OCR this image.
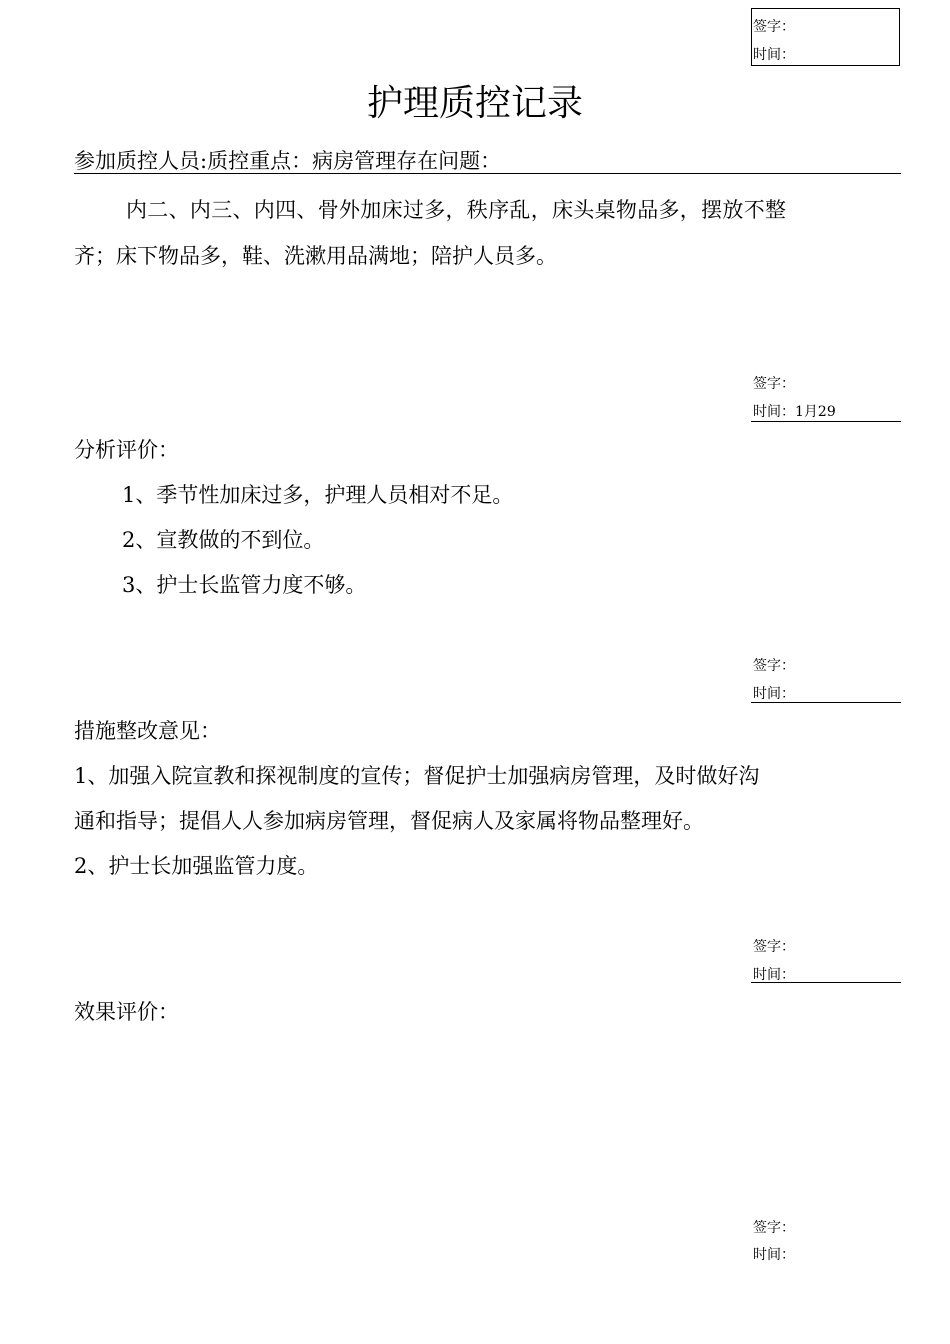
签字：
时间：
护理质控记录
参加质控人员:质控重点：病房管理存在问题：
内二、内三、内四、骨外加床过多，秩序乱，床头桌物品多，摆放不整
齐；床下物品多，鞋、洗漱用品满地；陪护人员多。
签字：
时间：1月29
分析评价：
1、季节性加床过多，护理人员相对不足。
2、宣教做的不到位。
3、护士长监管力度不够。
签字：
时间：
措施整改意见：
1、加强入院宣教和探视制度的宣传；督促护士加强病房管理，及时做好沟
通和指导；提倡人人参加病房管理，督促病人及家属将物品整理好。
2、护士长加强监管力度。
签字：
时间：
效果评价：
签字：
时间：
